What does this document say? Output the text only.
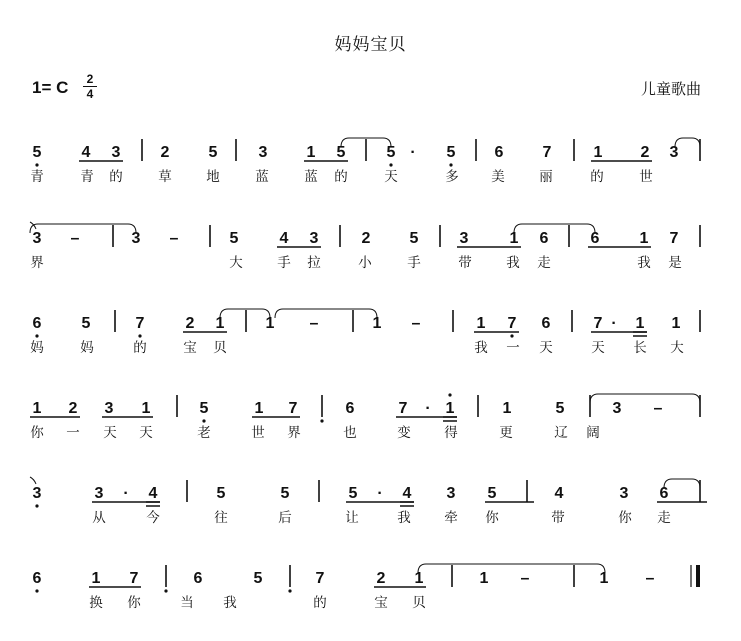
妈妈宝贝
1= C	2
4	儿童歌曲
5	4 3	2 5	3 1 5	5 · 5 6 7	1 2 3
青	青 的	草	地	蓝	蓝 的	天	多 美	丽	的	世
3 –	3 –	5	4 3	2 5	3	1 6	6	1 7
界	大	手 拉	小	手	带	我 走	我 是
6	5	7	2 1	1 –	1 –	1 7 6	7 · 1 1
妈	妈	的	宝 贝	我 一 天	天 长 大
1 2 3 1	5	1 7	6	7 · 1	1	5	3 –
你 一 天 天	老	世 界	也	变 得	更	辽 阔
3	3 · 4	5	5	5 · 4 3 5	4	3 6
从	今	往	后	让	我 牵 你	带	你 走
6	1 7	6	5	7	2 1	1 –	1 –
换 你	当 我	的	宝 贝
